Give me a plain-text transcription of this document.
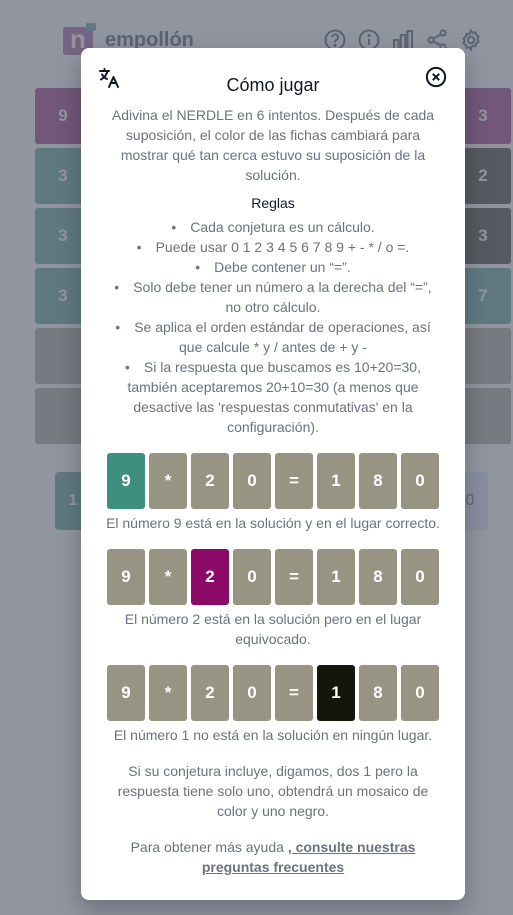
Cómo jugar
Adivina el NERDLE en 6 intentos. Después de cada suposición, el color de las fichas cambiará para mostrar qué tan cerca estuvo su suposición de la solución.
Reglas
• Cada conjetura es un cálculo.
• Puede usar 0 1 2 3 4 5 6 7 8 9 + - * / o =.
• Debe contener un “=”.
• Solo debe tener un número a la derecha del “=”, no otro cálculo.
• Se aplica el orden estándar de operaciones, así que calcule * y / antes de + y -
• Si la respuesta que buscamos es 10+20=30, también aceptaremos 20+10=30 (a menos que desactive las 'respuestas conmutativas' en la configuración).
9	*	2	0	=	1	8	0
El número 9 está en la solución y en el lugar correcto.
9	*	2	0	=	1	8	0
El número 2 está en la solución pero en el lugar equivocado.
9	*	2	0	=	1	8	0
El número 1 no está en la solución en ningún lugar.
Si su conjetura incluye, digamos, dos 1 pero la respuesta tiene solo uno, obtendrá un mosaico de color y uno negro.
Para obtener más ayuda , consulte nuestras preguntas frecuentes
